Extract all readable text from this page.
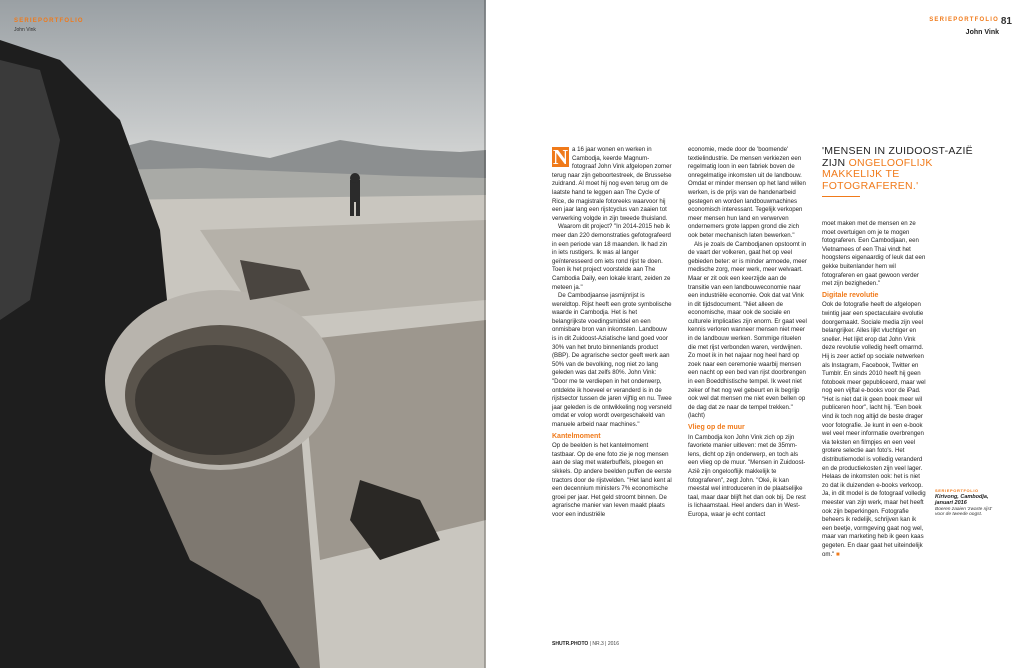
SERIEPORTFOLIO
John Vink
SERIEPORTFOLIO
John Vink
81
N a 16 jaar wonen en werken in Cambodja, keerde Magnum-fotograaf John Vink afgelopen zomer terug naar zijn geboortestreek, de Brusselse zuidrand. Al moet hij nog even terug om de laatste hand te leggen aan The Cycle of Rice, de magistrale fotoreeks waarvoor hij een jaar lang een rijstcyclus van zaaien tot verwerking volgde in zijn tweede thuisland.

Waarom dit project? "In 2014-2015 heb ik meer dan 220 demonstraties gefotografeerd in een periode van 18 maanden. Ik had zin in iets rustigers. Ik was al langer geïnteresseerd om iets rond rijst te doen. Toen ik het project voorstelde aan The Cambodia Daily, een lokale krant, zeiden ze meteen ja."

De Cambodjaanse jasmijnrijst is wereldtop. Rijst heeft een grote symbolische waarde in Cambodja. Het is het belangrijkste voedingsmiddel en een onmisbare bron van inkomsten. Landbouw is in dit Zuidoost-Aziatische land goed voor 30% van het bruto binnenlands product (BBP). De agrarische sector geeft werk aan 50% van de bevolking, nog niet zo lang geleden was dat zelfs 80%. John Vink: "Door me te verdiepen in het onderwerp, ontdekte ik hoeveel er veranderd is in de rijstsector tussen de jaren vijftig en nu. Twee jaar geleden is de ontwikkeling nog versneld omdat er volop wordt overgeschakeld van manuele arbeid naar machines."

Kantelmoment

Op de beelden is het kantelmoment tastbaar. Op de ene foto zie je nog mensen aan de slag met waterbuffels, ploegen en sikkels. Op andere beelden puffen de eerste tractors door de rijstvelden. "Het land kent al een decennium ministers 7% economische groei per jaar. Het geld stroomt binnen. De agrarische manier van leven maakt plaats voor een industriële

economie, mede door de 'boomende' textielindustrie. De mensen verkiezen een regelmatig loon in een fabriek boven de onregelmatige inkomsten uit de landbouw. Omdat er minder mensen op het land willen werken, is de prijs van de handenarbeid gestegen en worden landbouwmachines economisch interessant. Tegelijk verkopen meer mensen hun land en verwerven ondernemers grote lappen grond die zich ook beter mechanisch laten bewerken."

Als je zoals de Cambodjanen opstoomt in de vaart der volkeren, gaat het op veel gebieden beter: er is minder armoede, meer medische zorg, meer werk, meer welvaart. Maar er zit ook een keerzijde aan de transitie van een landbouweconomie naar een industriële economie. Ook dat vat Vink in dit tijdsdocument. "Niet alleen de economische, maar ook de sociale en culturele implicaties zijn enorm. Er gaat veel kennis verloren wanneer mensen niet meer in de landbouw werken. Sommige rituelen die met rijst verbonden waren, verdwijnen. Zo moet ik in het najaar nog heel hard op zoek naar een ceremonie waarbij mensen een nacht op een bed van rijst doorbrengen in een Boeddhistische tempel. Ik weet niet zeker of het nog wel gebeurt en ik begrijp ook wel dat mensen me niet even bellen op de dag dat ze naar de tempel trekken." (lacht)

Vlieg op de muur

In Cambodja kon John Vink zich op zijn favoriete manier uitleven: met de 35mm-lens, dicht op zijn onderwerp, en toch als een vlieg op de muur. "Mensen in Zuidoost-Azië zijn ongelooflijk makkelijk te fotograferen", zegt John. "Oké, ik kan meestal wel introduceren in de plaatselijke taal, maar daar blijft het dan ook bij. De rest is lichaamstaal. Heel anders dan in West-Europa, waar je echt contact

'MENSEN IN ZUIDOOST-AZIË ZIJN ONGELOOFLIJK MAKKELIJK TE FOTOGRAFEREN.'

moet maken met de mensen en ze moet overtuigen om je te mogen fotograferen. Een Cambodjaan, een Vietnamees of een Thai vindt het hoogstens eigenaardig of leuk dat een gekke buitenlander hem wil fotograferen en gaat gewoon verder met zijn bezigheden."

Digitale revolutie

Ook de fotografie heeft de afgelopen twintig jaar een spectaculaire evolutie doorgemaakt. Sociale media zijn veel belangrijker. Alles lijkt vluchtiger en sneller. Het lijkt erop dat John Vink deze revolutie volledig heeft omarmd. Hij is zeer actief op sociale netwerken als Instagram, Facebook, Twitter en Tumblr. En sinds 2010 heeft hij geen fotoboek meer gepubliceerd, maar wel nog een vijftal e-books voor de iPad. "Het is niet dat ik geen boek meer wil publiceren hoor", lacht hij. "Een boek vind ik toch nog altijd de beste drager voor fotografie. Je kunt in een e-book wel veel meer informatie overbrengen via teksten en filmpjes en een veel grotere selectie aan foto's. Het distributiemodel is volledig veranderd en de productiekosten zijn veel lager. Helaas de inkomsten ook: het is niet zo dat ik duizenden e-books verkoop. Ja, in dit model is de fotograaf volledig meester van zijn werk, maar het heeft ook zijn beperkingen. Fotografie beheers ik redelijk, schrijven kan ik een beetje, vormgeving gaat nog wel, maar van marketing heb ik geen kaas gegeten. En daar gaat het uiteindelijk om." ■

SERIEPORTFOLIO
Kirivong, Cambodja, januari 2016
Boeren zaaien 'zwarte rijst' voor de tweede oogst.
SHUTR.PHOTO | NR.3 | 2016
